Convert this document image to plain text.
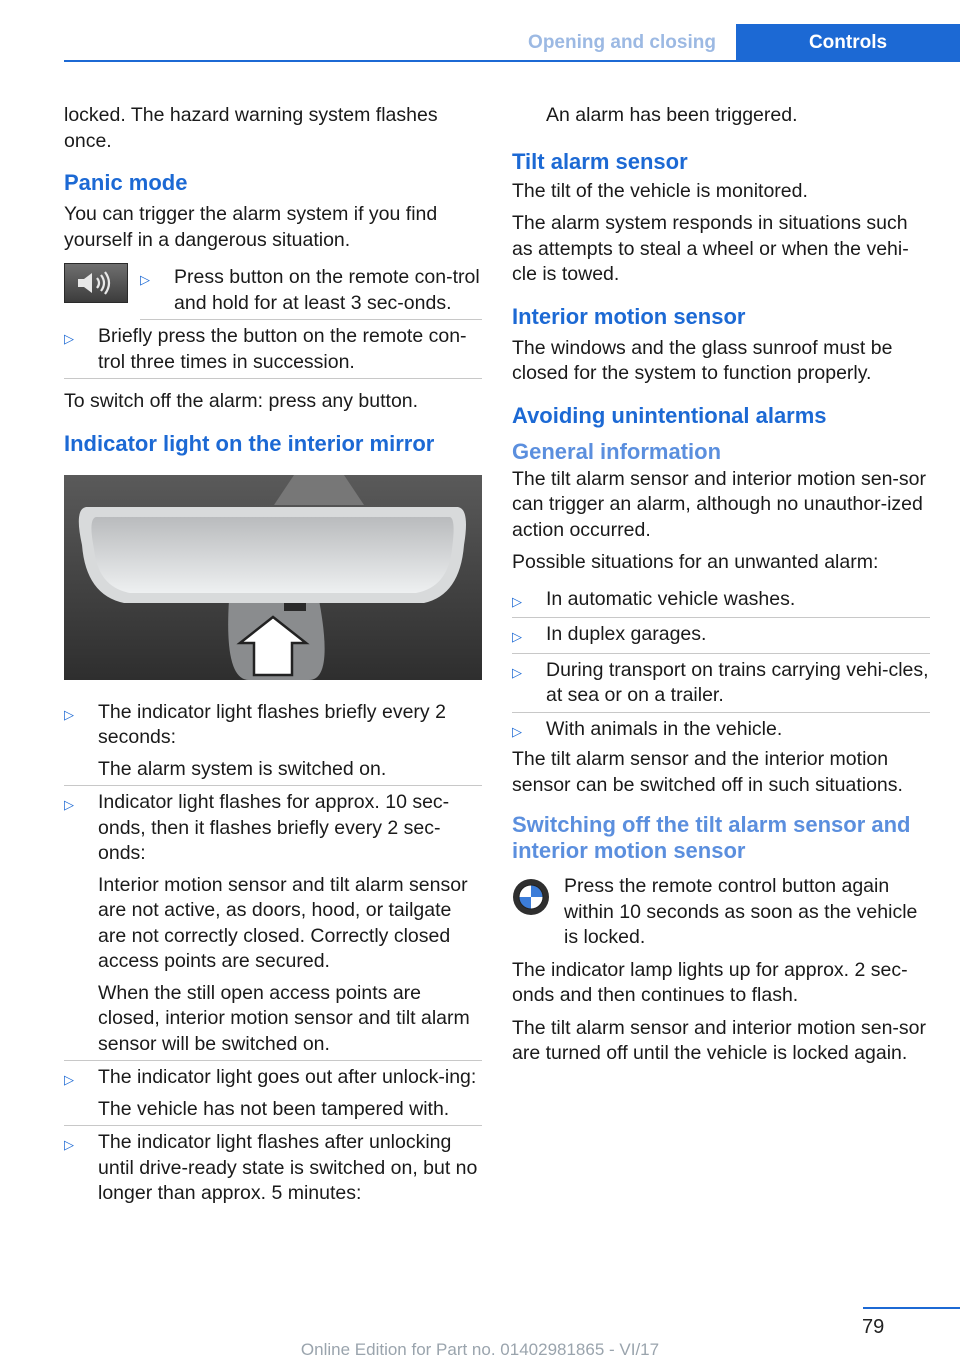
Opening and closing	Controls

locked. The hazard warning system flashes once.

Panic mode

You can trigger the alarm system if you find yourself in a dangerous situation.

▷	Press button on the remote con-trol and hold for at least 3 sec-onds.
▷	Briefly press the button on the remote con-trol three times in succession.

To switch off the alarm: press any button.

Indicator light on the interior mirror
▷	The indicator light flashes briefly every 2 seconds:
The alarm system is switched on.
▷	Indicator light flashes for approx. 10 sec-onds, then it flashes briefly every 2 sec-onds:
Interior motion sensor and tilt alarm sensor are not active, as doors, hood, or tailgate are not correctly closed. Correctly closed access points are secured.
When the still open access points are closed, interior motion sensor and tilt alarm sensor will be switched on.
▷	The indicator light goes out after unlock-ing:
The vehicle has not been tampered with.
▷	The indicator light flashes after unlocking until drive-ready state is switched on, but no longer than approx. 5 minutes:

An alarm has been triggered.

Tilt alarm sensor

The tilt of the vehicle is monitored.

The alarm system responds in situations such as attempts to steal a wheel or when the vehi-cle is towed.

Interior motion sensor

The windows and the glass sunroof must be closed for the system to function properly.

Avoiding unintentional alarms
General information

The tilt alarm sensor and interior motion sen-sor can trigger an alarm, although no unauthor-ized action occurred.

Possible situations for an unwanted alarm:

▷	In automatic vehicle washes.
▷	In duplex garages.
▷	During transport on trains carrying vehi-cles, at sea or on a trailer.
▷	With animals in the vehicle.

The tilt alarm sensor and the interior motion sensor can be switched off in such situations.

Switching off the tilt alarm sensor and interior motion sensor
Press the remote control button again within 10 seconds as soon as the vehicle is locked.

The indicator lamp lights up for approx. 2 sec-onds and then continues to flash.

The tilt alarm sensor and interior motion sen-sor are turned off until the vehicle is locked again.

79
Online Edition for Part no. 01402981865 - VI/17
